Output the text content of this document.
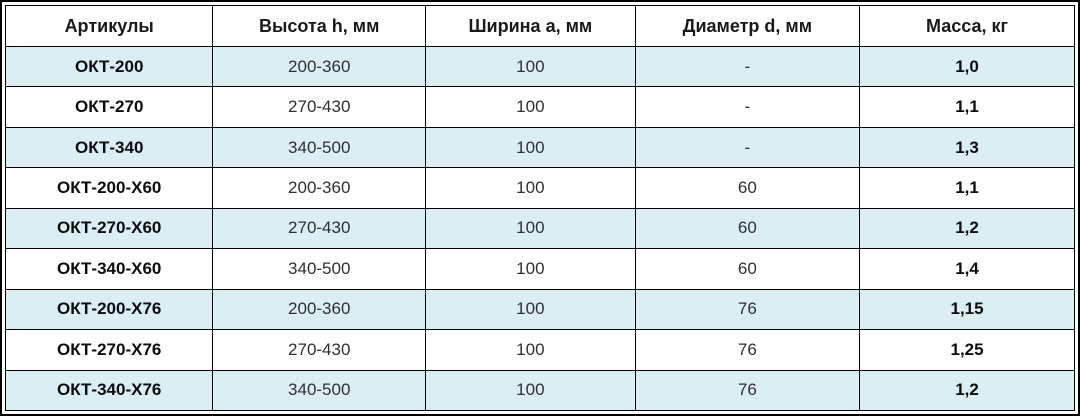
Артикулы	Высота h, мм	Ширина a, мм	Диаметр d, мм	Масса, кг
ОКТ-200	200-360	100	-	1,0
ОКТ-270	270-430	100	-	1,1
ОКТ-340	340-500	100	-	1,3
ОКТ-200-Х60	200-360	100	60	1,1
ОКТ-270-Х60	270-430	100	60	1,2
ОКТ-340-Х60	340-500	100	60	1,4
ОКТ-200-Х76	200-360	100	76	1,15
ОКТ-270-Х76	270-430	100	76	1,25
ОКТ-340-Х76	340-500	100	76	1,2
